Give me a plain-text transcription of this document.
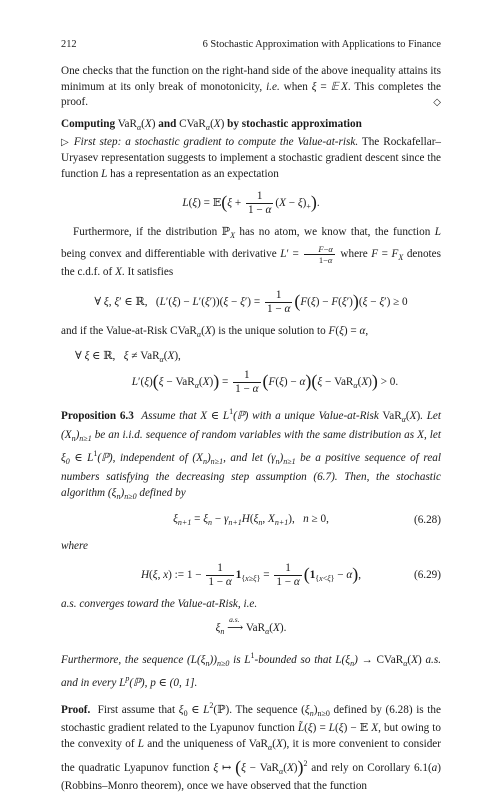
212	6 Stochastic Approximation with Applications to Finance

One checks that the function on the right-hand side of the above inequality attains its minimum at its only break of monotonicity, i.e. when ξ = 𝔼  X. This completes the proof.	◇

Computing VaR$_\alpha$(X) and CVaR$_\alpha$(X) by stochastic approximation

▷ First step: a stochastic gradient to compute the Value-at-risk. The Rockafellar–Uryasev representation suggests to implement a stochastic gradient descent since the function L has a representation as an expectation

L(ξ) = 𝔼(ξ + $\frac{1}{1 - \alpha} (X - \xi)_+$).

Furthermore, if the distribution ℙ$_X$ has no atom, we know that, the function L being convex and differentiable with derivative $L' = \frac{F-\alpha}{1-\alpha}$ where $F = F_X$ denotes the c.d.f. of X. It satisfies

∀ ξ, ξ′ ∈ ℝ,   $(L'(\xi) - L'(\xi'))(\xi - \xi') = \frac{1}{1 - \alpha} (F(\xi) - F(\xi'))(\xi - \xi') \ge 0$

and if the Value-at-Risk CVaR$_\alpha$(X) is the unique solution to F(ξ) = α,

∀ ξ ∈ ℝ,   ξ ≠ VaR$_\alpha$(X),
$L'(\xi)(\xi - VaR_\alpha(X)) = \frac{1}{1 - \alpha} (F(\xi) - \alpha)(\xi - VaR_\alpha(X)) > 0$.

Proposition 6.3 Assume that X ∈ $L^1(ℙ)$ with a unique Value-at-Risk VaR$_\alpha$(X). Let $(X_n)_{n\ge 1}$ be an i.i.d. sequence of random variables with the same distribution as X, let $\xi_0$ ∈ $L^1(ℙ)$, independent of $(X_n)_{n\ge 1}$, and let $(\gamma_n)_{n\ge 1}$ be a positive sequence of real numbers satisfying the decreasing step assumption (6.7). Then, the stochastic algorithm $(\xi_n)_{n\ge 0}$ defined by

$\xi_{n+1} = \xi_n - \gamma_{n+1}H(\xi_n$, $X_{n+1}$),   n ≥ 0,	(6.28)

where

H(ξ, x) := $1 - \frac{1}{1 - \alpha} 1_{\{x\ge\xi\}} = \frac{1}{1 - \alpha} (1_{\{x<\xi\}} - \alpha)$,	(6.29)

a.s. converges toward the Value-at-Risk, i.e.

$\xi_n$
a.s.
⟶ VaR$_\alpha$(X).

Furthermore, the sequence $(L(\xi_n))_{n\ge 0}$ is $L^1$-bounded so that $L(\xi_n)$ → CVaR$_\alpha$(X) a.s. and in every $L^p(ℙ)$, p ∈ (0, 1].

Proof.  First assume that $\xi_0$ ∈ $L^2(ℙ)$. The sequence $(\xi_n)_{n\ge 0}$ defined by (6.28) is the stochastic gradient related to the Lyapunov function L̃(ξ) = L(ξ) − 𝔼 X, but owing to the convexity of L and the uniqueness of VaR$_\alpha$(X), it is more convenient to consider the quadratic Lyapunov function ξ ↦ $(\xi - VaR_\alpha(X))^2$ and rely on Corollary 6.1(a) (Robbins–Monro theorem), once we have observed that the function
